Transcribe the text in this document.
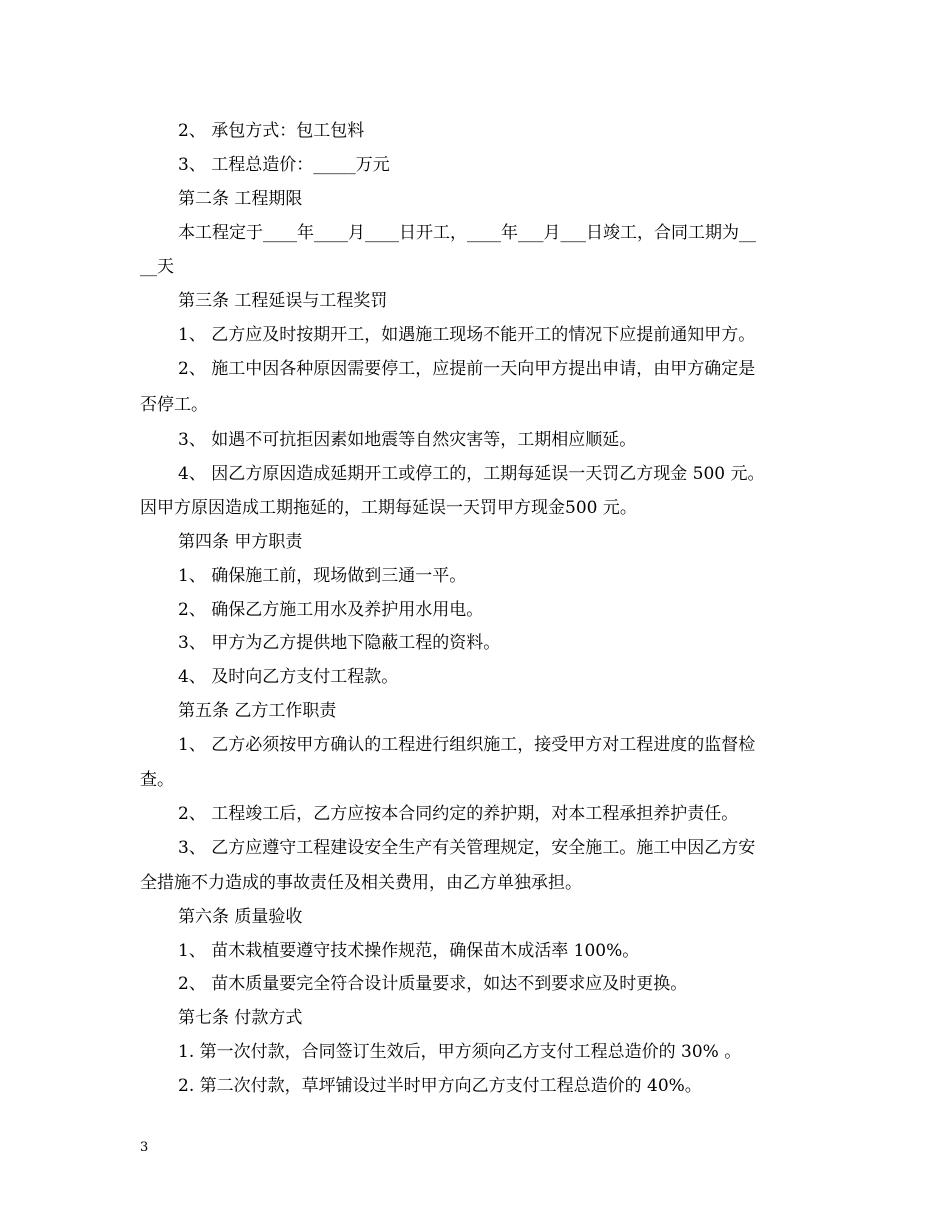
2、 承包方式：包工包料
3、 工程总造价：_____万元
第二条 工程期限
本工程定于____年____月____日开工，____年___月___日竣工，合同工期为__
__天
第三条 工程延误与工程奖罚
1、 乙方应及时按期开工，如遇施工现场不能开工的情况下应提前通知甲方。
2、 施工中因各种原因需要停工，应提前一天向甲方提出申请，由甲方确定是
否停工。
3、 如遇不可抗拒因素如地震等自然灾害等，工期相应顺延。
4、 因乙方原因造成延期开工或停工的，工期每延误一天罚乙方现金 500 元。
因甲方原因造成工期拖延的，工期每延误一天罚甲方现金500 元。
第四条 甲方职责
1、 确保施工前，现场做到三通一平。
2、 确保乙方施工用水及养护用水用电。
3、 甲方为乙方提供地下隐蔽工程的资料。
4、 及时向乙方支付工程款。
第五条 乙方工作职责
1、 乙方必须按甲方确认的工程进行组织施工，接受甲方对工程进度的监督检
查。
2、 工程竣工后，乙方应按本合同约定的养护期，对本工程承担养护责任。
3、 乙方应遵守工程建设安全生产有关管理规定，安全施工。施工中因乙方安
全措施不力造成的事故责任及相关费用，由乙方单独承担。
第六条 质量验收
1、 苗木栽植要遵守技术操作规范，确保苗木成活率 100%。
2、 苗木质量要完全符合设计质量要求，如达不到要求应及时更换。
第七条 付款方式
1. 第一次付款，合同签订生效后，甲方须向乙方支付工程总造价的 30% 。
2. 第二次付款，草坪铺设过半时甲方向乙方支付工程总造价的 40%。
3
